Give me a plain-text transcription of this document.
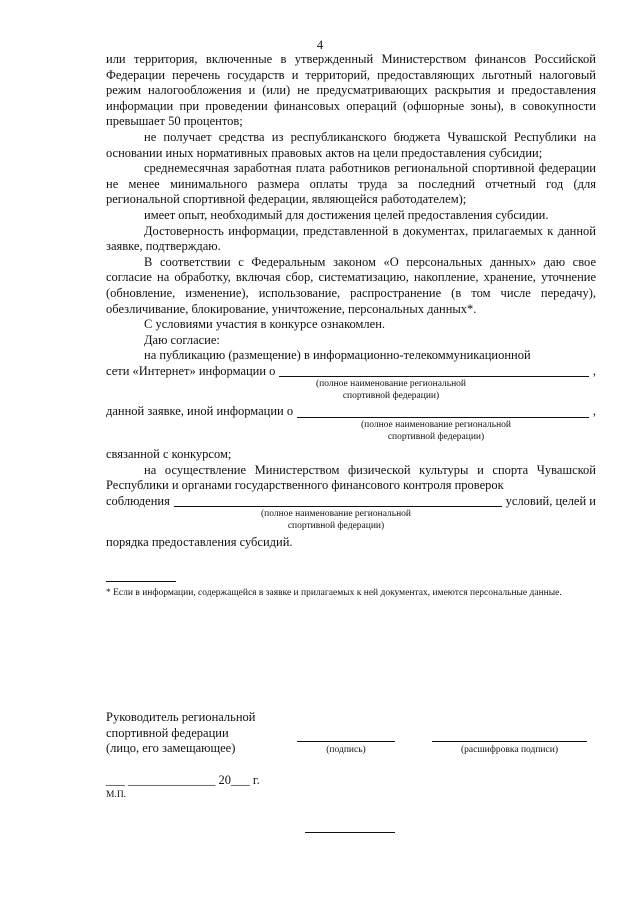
4

или территория, включенные в утвержденный Министерством финансов Российской Федерации перечень государств и территорий, предоставляющих льготный налоговый режим налогообложения и (или) не предусматривающих раскрытия и предоставления информации при проведении финансовых операций (офшорные зоны), в совокупности превышает 50 процентов;

не получает средства из республиканского бюджета Чувашской Республики на основании иных нормативных правовых актов на цели предоставления субсидии;

среднемесячная заработная плата работников региональной спортивной федерации не менее минимального размера оплаты труда за последний отчетный год (для региональной спортивной федерации, являющейся работодателем);

имеет опыт, необходимый для достижения целей предоставления субсидии.

Достоверность информации, представленной в документах, прилагаемых к данной заявке, подтверждаю.

В соответствии с Федеральным законом «О персональных данных» даю свое согласие на обработку, включая сбор, систематизацию, накопление, хранение, уточнение (обновление, изменение), использование, распространение (в том числе передачу), обезличивание, блокирование, уничтожение, персональных данных*.

С условиями участия в конкурсе ознакомлен.

Даю согласие:

на публикацию (размещение) в информационно-телекоммуникационной

сети «Интернет» информации о	,
(полное наименование региональной
спортивной федерации)
данной заявке, иной информации о	,
(полное наименование региональной
спортивной федерации)

связанной с конкурсом;

на осуществление Министерством физической культуры и спорта Чувашской Республики и органами государственного финансового контроля проверок

соблюдения	условий, целей и
(полное наименование региональной
спортивной федерации)

порядка предоставления субсидий.

* Если в информации, содержащейся в заявке и прилагаемых к ней документах, имеются персональные данные.
Руководитель региональной
спортивной федерации
(лицо, его замещающее)	(подпись)	(расшифровка подписи)
___ ______________ 20___ г.
М.П.
